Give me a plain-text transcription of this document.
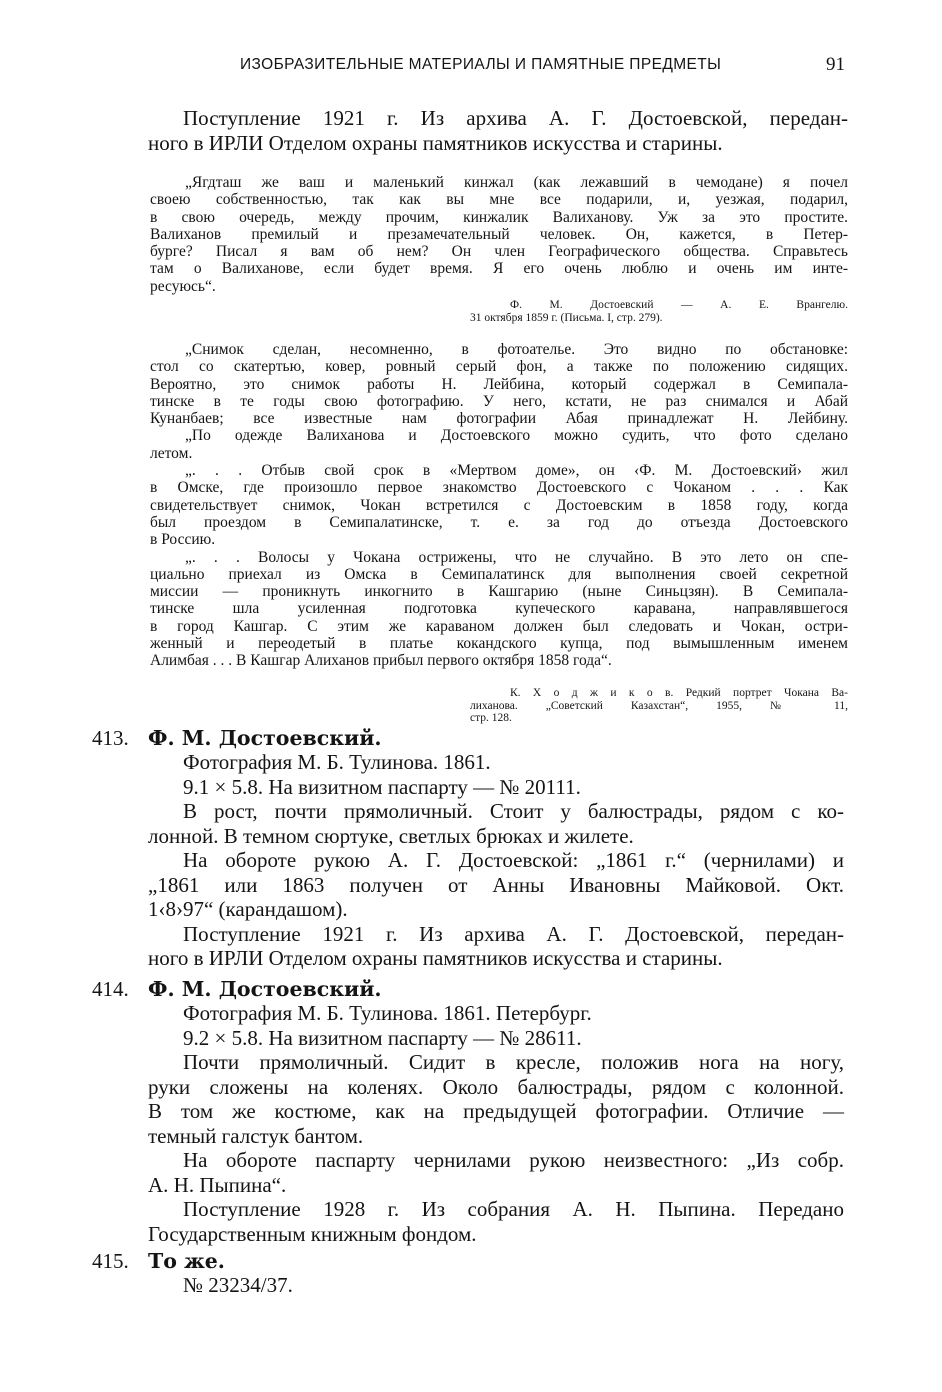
ИЗОБРАЗИТЕЛЬНЫЕ МАТЕРИАЛЫ И ПАМЯТНЫЕ ПРЕДМЕТЫ	91

Поступление 1921 г. Из архива А. Г. Достоевской, передан-

ного в ИРЛИ Отделом охраны памятников искусства и старины.

„Ягдташ же ваш и маленький кинжал (как лежавший в чемодане) я почел

своею собственностью, так как вы мне все подарили, и, уезжая, подарил,

в свою очередь, между прочим, кинжалик Валиханову. Уж за это простите.

Валиханов премилый и презамечательный человек. Он, кажется, в Петер-

бурге? Писал я вам об нем? Он член Географического общества. Справьтесь

там о Валиханове, если будет время. Я его очень люблю и очень им инте-

ресуюсь“.

Ф. М. Достоевский — А. Е. Врангелю.

31 октября 1859 г. (Письма. I, стр. 279).

„Снимок сделан, несомненно, в фотоателье. Это видно по обстановке:

стол со скатертью, ковер, ровный серый фон, а также по положению сидящих.

Вероятно, это снимок работы Н. Лейбина, который содержал в Семипала-

тинске в те годы свою фотографию. У него, кстати, не раз снимался и Абай

Кунанбаев; все известные нам фотографии Абая принадлежат Н. Лейбину.

„По одежде Валиханова и Достоевского можно судить, что фото сделано

летом.

„. . . Отбыв свой срок в «Мертвом доме», он ‹Ф. М. Достоевский› жил

в Омске, где произошло первое знакомство Достоевского с Чоканом . . . Как

свидетельствует снимок, Чокан встретился с Достоевским в 1858 году, когда

был проездом в Семипалатинске, т. е. за год до отъезда Достоевского

в Россию.

„. . . Волосы у Чокана острижены, что не случайно. В это лето он спе-

циально приехал из Омска в Семипалатинск для выполнения своей секретной

миссии — проникнуть инкогнито в Кашгарию (ныне Синьцзян). В Семипала-

тинске шла усиленная подготовка купеческого каравана, направлявшегося

в город Кашгар. С этим же караваном должен был следовать и Чокан, остри-

женный и переодетый в платье кокандского купца, под вымышленным именем

Алимбая . . . В Кашгар Алиханов прибыл первого октября 1858 года“.

К. Х о д ж и к о в. Редкий портрет Чокана Ва-

лиханова. „Советский Казахстан“, 1955, № 11,

стр. 128.

413. Ф. М. Достоевский.

Фотография М. Б. Тулинова. 1861.

9.1 × 5.8. На визитном паспарту — № 20111.

В рост, почти прямоличный. Стоит у балюстрады, рядом с ко-

лонной. В темном сюртуке, светлых брюках и жилете.

На обороте рукою А. Г. Достоевской: „1861 г.“ (чернилами) и

„1861 или 1863 получен от Анны Ивановны Майковой. Окт.

1‹8›97“ (карандашом).

Поступление 1921 г. Из архива А. Г. Достоевской, передан-

ного в ИРЛИ Отделом охраны памятников искусства и старины.

414. Ф. М. Достоевский.

Фотография М. Б. Тулинова. 1861. Петербург.

9.2 × 5.8. На визитном паспарту — № 28611.

Почти прямоличный. Сидит в кресле, положив нога на ногу,

руки сложены на коленях. Около балюстрады, рядом с колонной.

В том же костюме, как на предыдущей фотографии. Отличие —

темный галстук бантом.

На обороте паспарту чернилами рукою неизвестного: „Из собр.

А. Н. Пыпина“.

Поступление 1928 г. Из собрания А. Н. Пыпина. Передано

Государственным книжным фондом.

415. То же.

№ 23234/37.
